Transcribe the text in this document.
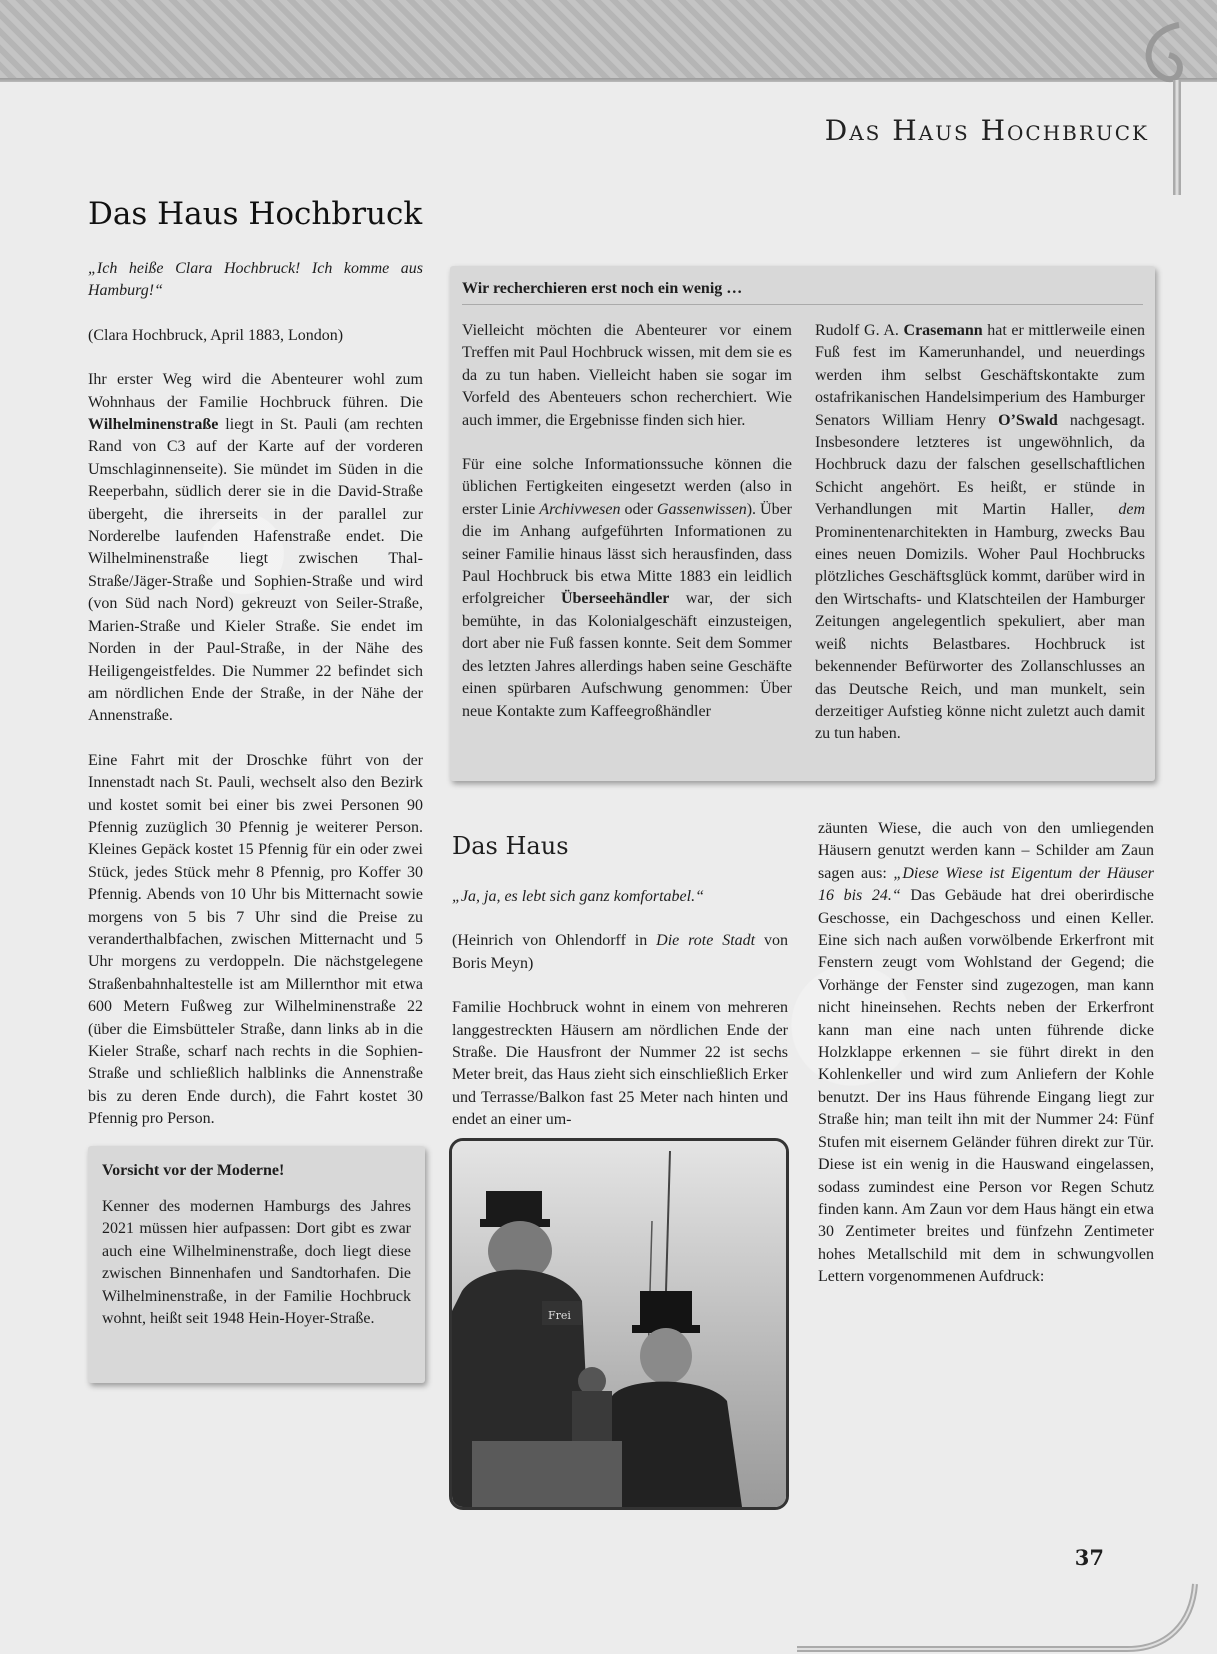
Das Haus Hochbruck
Das Haus Hochbruck

„Ich heiße Clara Hochbruck! Ich komme aus Hamburg!“

(Clara Hochbruck, April 1883, London)

Ihr erster Weg wird die Abenteurer wohl zum Wohnhaus der Familie Hochbruck führen. Die Wilhelminenstraße liegt in St. Pauli (am rechten Rand von C3 auf der Karte auf der vorderen Umschlaginnenseite). Sie mündet im Süden in die Reeperbahn, südlich derer sie in die David-Straße übergeht, die ihrerseits in der parallel zur Norderelbe laufenden Hafenstraße endet. Die Wilhelminenstraße liegt zwischen Thal-Straße/Jäger-Straße und Sophien-Straße und wird (von Süd nach Nord) gekreuzt von Seiler-Straße, Marien-Straße und Kieler Straße. Sie endet im Norden in der Paul-Straße, in der Nähe des Heiligengeistfeldes. Die Nummer 22 befindet sich am nördlichen Ende der Straße, in der Nähe der Annenstraße.

Eine Fahrt mit der Droschke führt von der Innenstadt nach St. Pauli, wechselt also den Bezirk und kostet somit bei einer bis zwei Personen 90 Pfennig zuzüglich 30 Pfennig je weiterer Person. Kleines Gepäck kostet 15 Pfennig für ein oder zwei Stück, jedes Stück mehr 8 Pfennig, pro Koffer 30 Pfennig. Abends von 10 Uhr bis Mitternacht sowie morgens von 5 bis 7 Uhr sind die Preise zu veranderthalbfachen, zwischen Mitternacht und 5 Uhr morgens zu verdoppeln. Die nächstgelegene Straßenbahnhaltestelle ist am Millernthor mit etwa 600 Metern Fußweg zur Wilhelminenstraße 22 (über die Eimsbütteler Straße, dann links ab in die Kieler Straße, scharf nach rechts in die Sophien-Straße und schließlich halblinks die Annenstraße bis zu deren Ende durch), die Fahrt kostet 30 Pfennig pro Person.

Vorsicht vor der Moderne!

Kenner des modernen Hamburgs des Jahres 2021 müssen hier aufpassen: Dort gibt es zwar auch eine Wilhelminenstraße, doch liegt diese zwischen Binnenhafen und Sandtorhafen. Die Wilhelminenstraße, in der Familie Hochbruck wohnt, heißt seit 1948 Hein-Hoyer-Straße.

Wir recherchieren erst noch ein wenig …

Vielleicht möchten die Abenteurer vor einem Treffen mit Paul Hochbruck wissen, mit dem sie es da zu tun haben. Vielleicht haben sie sogar im Vorfeld des Abenteuers schon recherchiert. Wie auch immer, die Ergebnisse finden sich hier.

Für eine solche Informationssuche können die üblichen Fertigkeiten eingesetzt werden (also in erster Linie Archivwesen oder Gassenwissen). Über die im Anhang aufgeführten Informationen zu seiner Familie hinaus lässt sich herausfinden, dass Paul Hochbruck bis etwa Mitte 1883 ein leidlich erfolgreicher Überseehändler war, der sich bemühte, in das Kolonialgeschäft einzusteigen, dort aber nie Fuß fassen konnte. Seit dem Sommer des letzten Jahres allerdings haben seine Geschäfte einen spürbaren Aufschwung genommen: Über neue Kontakte zum Kaffeegroßhändler

Rudolf G. A. Crasemann hat er mittlerweile einen Fuß fest im Kamerunhandel, und neuerdings werden ihm selbst Geschäftskontakte zum ostafrikanischen Handelsimperium des Hamburger Senators William Henry O’Swald nachgesagt. Insbesondere letzteres ist ungewöhnlich, da Hochbruck dazu der falschen gesellschaftlichen Schicht angehört. Es heißt, er stünde in Verhandlungen mit Martin Haller, dem Prominentenarchitekten in Hamburg, zwecks Bau eines neuen Domizils. Woher Paul Hochbrucks plötzliches Geschäftsglück kommt, darüber wird in den Wirtschafts- und Klatschteilen der Hamburger Zeitungen angelegentlich spekuliert, aber man weiß nichts Belastbares. Hochbruck ist bekennender Befürworter des Zollanschlusses an das Deutsche Reich, und man munkelt, sein derzeitiger Aufstieg könne nicht zuletzt auch damit zu tun haben.

Das Haus

„Ja, ja, es lebt sich ganz komfortabel.“

(Heinrich von Ohlendorff in Die rote Stadt von Boris Meyn)

Familie Hochbruck wohnt in einem von mehreren langgestreckten Häusern am nördlichen Ende der Straße. Die Hausfront der Nummer 22 ist sechs Meter breit, das Haus zieht sich einschließlich Erker und Terrasse/Balkon fast 25 Meter nach hinten und endet an einer um-

zäunten Wiese, die auch von den umliegenden Häusern genutzt werden kann – Schilder am Zaun sagen aus: „Diese Wiese ist Eigentum der Häuser 16 bis 24.“ Das Gebäude hat drei oberirdische Geschosse, ein Dachgeschoss und einen Keller. Eine sich nach außen vorwölbende Erkerfront mit Fenstern zeugt vom Wohlstand der Gegend; die Vorhänge der Fenster sind zugezogen, man kann nicht hineinsehen. Rechts neben der Erkerfront kann man eine nach unten führende dicke Holzklappe erkennen – sie führt direkt in den Kohlenkeller und wird zum Anliefern der Kohle benutzt. Der ins Haus führende Eingang liegt zur Straße hin; man teilt ihn mit der Nummer 24: Fünf Stufen mit eisernem Geländer führen direkt zur Tür. Diese ist ein wenig in die Hauswand eingelassen, sodass zumindest eine Person vor Regen Schutz finden kann. Am Zaun vor dem Haus hängt ein etwa 30 Zentimeter breites und fünfzehn Zentimeter hohes Metallschild mit dem in schwungvollen Lettern vorgenommenen Aufdruck:

Frei
37
